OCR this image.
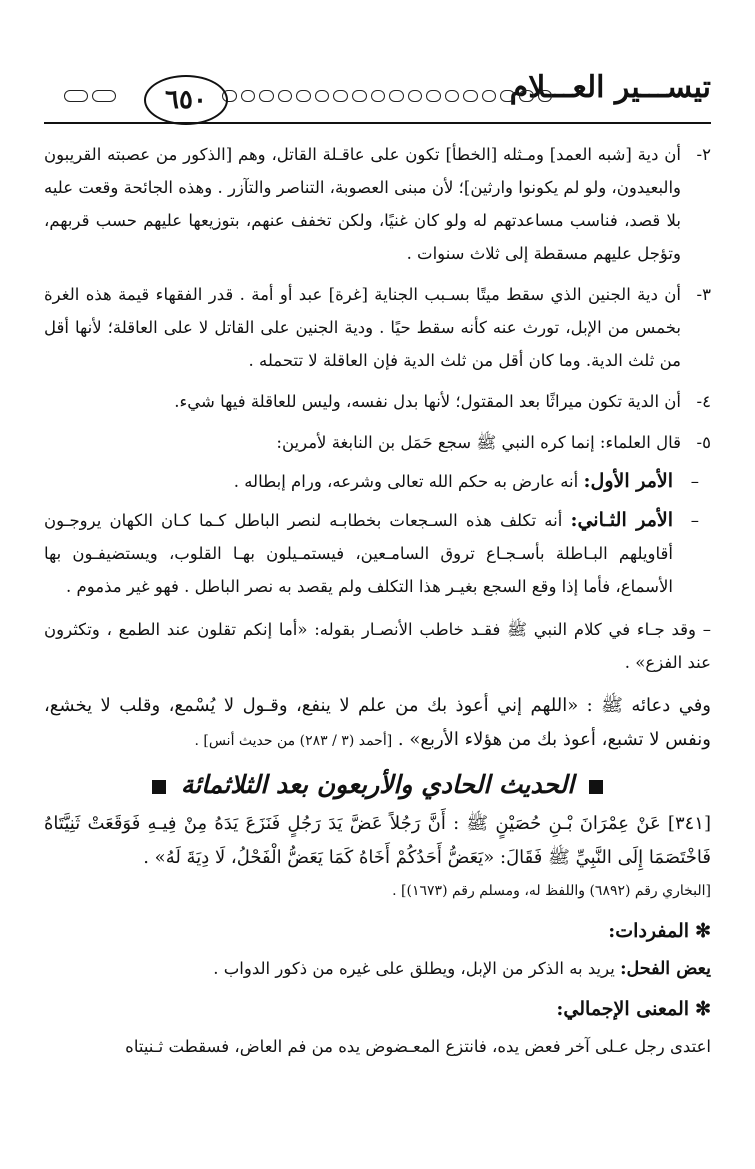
تيســـير العـــلام
٦٥٠
٢-
أن دية [شبه العمد] ومـثله [الخطأ] تكون على عاقـلة القاتل، وهم [الذكور من عصبته القريبون والبعيدون، ولو لم يكونوا وارثين]؛ لأن مبنى العصوبة، التناصر والتآزر . وهذه الجائحة وقعت عليه بلا قصد، فناسب مساعدتهم له ولو كان غنيًا، ولكن تخفف عنهم، بتوزيعها عليهم حسب قربهم، وتؤجل عليهم مسقطة إلى ثلاث سنوات .
٣-
أن دية الجنين الذي سقط ميتًا بسـبب الجناية [غرة] عبد أو أمة . قدر الفقهاء قيمة هذه الغرة بخمس من الإبل، تورث عنه كأنه سقط حيًا . ودية الجنين على القاتل لا على العاقلة؛ لأنها أقل من ثلث الدية. وما كان أقل من ثلث الدية فإن العاقلة لا تتحمله .
٤-
أن الدية تكون ميراثًا بعد المقتول؛ لأنها بدل نفسه، وليس للعاقلة فيها شيء.
٥-
قال العلماء: إنما كره النبي ﷺ سجع حَمَل بن النابغة لأمرين:
–
الأمر الأول: أنه عارض به حكم الله تعالى وشرعه، ورام إبطاله .
–
الأمر الثـاني: أنه تكلف هذه السـجعات بخطابـه لنصر الباطل كـما كـان الكهان يروجـون أقاويلهم البـاطلة بأسـجـاع تروق السامـعين، فيستمـيلون بهـا القلوب، ويستضيفـون بها الأسماع، فأما إذا وقع السجع بغيـر هذا التكلف ولم يقصد به نصر الباطل . فهو غير مذموم .
– وقد جـاء في كلام النبي ﷺ فقـد خاطب الأنصـار بقوله: «أما إنكم تقلون عند الطمع ، وتكثرون عند الفزع» .
وفي دعائه ﷺ : «اللهم إني أعوذ بك من علم لا ينفع، وقـول لا يُسْمع، وقلب لا يخشع، ونفس لا تشبع، أعوذ بك من هؤلاء الأربع» . [أحمد (٣ / ٢٨٣) من حديث أنس] .
الحديث الحادي والأربعون بعد الثلاثمائة
[٣٤١] عَنْ عِمْرَانَ بْـنِ حُصَيْنٍ ﷺ : أَنَّ رَجُلاً عَضَّ يَدَ رَجُلٍ فَنَزَعَ يَدَهُ مِنْ فِيـهِ فَوَقَعَتْ ثَنِيَّتَاهُ فَاخْتَصَمَا إِلَى النَّبِيِّ ﷺ فَقَالَ: «يَعَضُّ أَحَدُكُمْ أَخَاهُ كَمَا يَعَضُّ الْفَحْلُ، لَا دِيَةَ لَهُ» .
[البخاري رقم (٦٨٩٢) واللفظ له، ومسلم رقم (١٦٧٣)] .
✻المفردات:
يعض الفحل: يريد به الذكر من الإبل، ويطلق على غيره من ذكور الدواب .
✻المعنى الإجمالي:
اعتدى رجل عـلى آخر فعض يده، فانتزع المعـضوض يده من فم العاض، فسقطت ثـنيتاه
